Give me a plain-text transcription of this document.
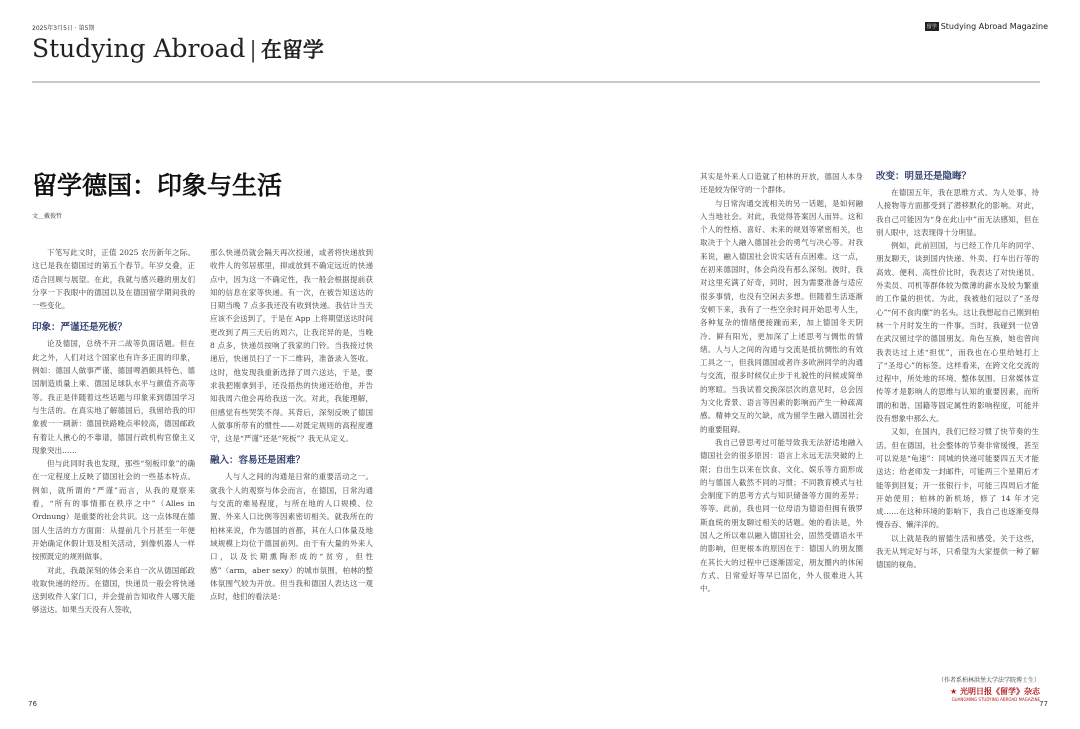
2025年3月5日 · 第5期
Studying Abroad | 在留学
留学 Studying Abroad Magazine
留学德国：印象与生活
文＿戴俊哲

下笔写此文时，正值 2025 农历新年之际。这已是我在德国过的第五个春节。年岁交叠，正适合回顾与展望。在此，我就与感兴趣的朋友们分享一下我眼中的德国以及在德国留学期间我的一些变化。

印象：严谨还是死板？

论及德国，总绕不开二战等负面话题。但在此之外，人们对这个国家也有许多正面的印象，例如：德国人做事严谨、德国啤酒颇具特色、德国制造质量上乘、德国足球队水平与颜值齐高等等。我正是伴随着这些话题与印象来到德国学习与生活的。在真实地了解德国后，我留给我的印象被一一刷新：德国铁路晚点率较高，德国邮政有着让人揪心的不靠谱，德国行政机构官僚主义现象突出……

但与此同时我也发现，那些“刻板印象”的确在一定程度上反映了德国社会的一些基本特点。例如，就所谓的“严谨”而言，从我的观察来看，“所有的事情都在秩序之中”（Alles in Ordnung）是重要的社会共识。这一点体现在德国人生活的方方面面：从提前几个月甚至一年便开始确定休假计划及相关活动，到像机器人一样按照既定的规则做事。

对此，我最深刻的体会来自一次从德国邮政收取快递的经历。在德国，快递员一般会将快递送到收件人家门口，并会提前告知收件人哪天能够送达。如果当天没有人签收，

那么快递员就会隔天再次投递，或者将快递放到收件人的邻居那里，抑或放到不确定远近的快递点中，因为这一不确定性，我一般会根据提前获知的信息在家等快递。有一次，在被告知送达的日期当晚 7 点多我还没有收到快递。我估计当天应该不会送到了，于是在 App 上将期望送达时间更改到了两三天后的周六，让我诧异的是，当晚 8 点多，快递员按响了我家的门铃。当我接过快递后，快递员扫了一下二维码，准备录入签收。这时，他发现我重新选择了周六送达，于是，要求我把刚拿到手，还没捂热的快递还给他，并告知我周六他会再给我送一次。对此，我能理解，但感觉有些哭笑不得。其背后，深刻反映了德国人做事所带有的惯性——对既定规则的高程度遵守，这是“严谨”还是“死板”？我无从定义。

融入：容易还是困难？

人与人之间的沟通是日常的重要活动之一。就我个人的观察与体会而言，在德国，日常沟通与交流的难易程度，与所在地的人口规模、位置、外来人口比例等因素密切相关。就我所在的柏林来说，作为德国的首都，其在人口体量及地域规模上均位于德国前列。由于有大量的外来人口，以及长期熏陶形成的“贫穷，但性感”（arm，aber sexy）的城市氛围，柏林的整体氛围气较为开放。但当我和德国人表达这一观点时，他们的看法是：

其实是外来人口造就了柏林的开放，德国人本身还是较为保守的一个群体。

与日常沟通交流相关的另一话题，是如何融入当地社会。对此，我觉得答案因人而异。这和个人的性格、喜好、未来的规划等紧密相关，也取决于个人融入德国社会的勇气与决心等。对我来说，融入德国社会说实话有点困难。这一点，在初来德国时，体会尚没有那么深刻。彼时，我对这里充满了好奇，同时，因为需要准备与适应很多事情，也没有空闲去多想。但随着生活逐渐安顿下来，我有了一些空余时间开始思考人生，各种复杂的情绪便接踵而来，加上德国冬天阴冷、鲜有阳光，更加深了上述思考与惆怅的情绪。人与人之间的沟通与交流是抵抗惆怅的有效工具之一，但我同德国或者许多欧洲同学的沟通与交流，很多时候仅止步于礼貌性的问候或简单的寒暄。当我试着交换深层次的意见时，总会因为文化背景、语言等因素的影响而产生一种疏离感。精神交互的欠缺，成为留学生融入德国社会的重要阻碍。

我自己曾思考过可能导致我无法舒适地融入德国社会的很多原因：语言上永远无法突破的上限；自出生以来在饮食、文化、娱乐等方面形成的与德国人截然不同的习惯；不同教育模式与社会制度下的思考方式与知识储备等方面的差异；等等。此前，我也同一位母语为德语但拥有俄罗斯血统的朋友聊过相关的话题。她的看法是，外国人之所以难以融入德国社会，固然受德语水平的影响，但更根本的原因在于：德国人的朋友圈在其长大的过程中已逐渐固定，朋友圈内的休闲方式、日常爱好等早已固化，外人很难进入其中。

改变：明显还是隐晦？

在德国五年，我在思维方式、为人处事、待人接物等方面都受到了潜移默化的影响。对此，我自己可能因为“身在此山中”而无法感知，但在别人眼中，这表现得十分明显。

例如，此前回国，与已经工作几年的同学、朋友聊天，谈到国内快递、外卖、打车出行等的高效、便利、高性价比时，我表达了对快递员、外卖员、司机等群体较为微薄的薪水及较为繁重的工作量的担忧。为此，我被他们冠以了“圣母心”“何不食肉糜”的名头。这让我想起自己刚到柏林一个月时发生的一件事。当时，我碰到一位曾在武汉留过学的德国朋友。角色互换，她也曾向我表达过上述“担忧”，而我也在心里给她打上了“圣母心”的标签。这样看来，在跨文化交流的过程中，所处地的环境、整体氛围、日常媒体宣传等才是影响人的思维与认知的重要因素，而所谓的和谐、国籍等固定属性的影响程度，可能并没有想象中那么大。

又如，在国内，我们已经习惯了快节奏的生活。但在德国，社会整体的节奏非常缓慢，甚至可以说是“龟速”：同城的快递可能要四五天才能送达；给老师发一封邮件，可能两三个星期后才能等到回复；开一张银行卡，可能三四周后才能开始使用；柏林的新机场，修了 14 年才完成……在这种环境的影响下，我自己也逐渐变得慢吞吞、懒洋洋的。

以上就是我的留德生活和感受。关于这些，我无从判定好与坏，只希望为大家提供一种了解德国的视角。

（作者系柏林洪堡大学法学院博士生）
★ 光明日报《留学》杂志
GUANGMING STUDYING ABROAD MAGAZINE
76	77
